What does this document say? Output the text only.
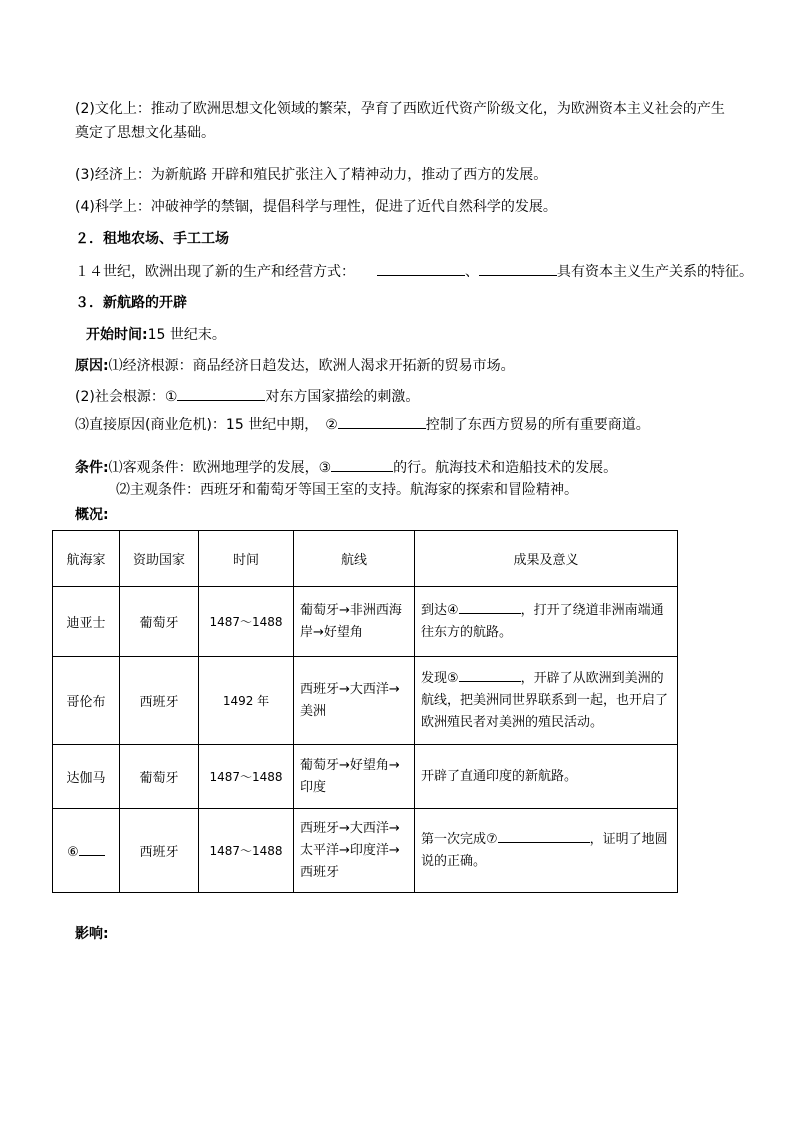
(2)文化上：推动了欧洲思想文化领域的繁荣，孕育了西欧近代资产阶级文化，为欧洲资本主义社会的产生奠定了思想文化基础。
(3)经济上：为新航路 开辟和殖民扩张注入了精神动力，推动了西方的发展。
(4)科学上：冲破神学的禁锢，提倡科学与理性，促进了近代自然科学的发展。
２．租地农场、手工工场
１４世纪，欧洲出现了新的生产和经营方式：	、	具有资本主义生产关系的特征。
３．新航路的开辟
开始时间:15 世纪末。
原因:⑴经济根源：商品经济日趋发达，欧洲人渴求开拓新的贸易市场。
(2)社会根源：①	对东方国家描绘的刺激。
⑶直接原因(商业危机)：15 世纪中期，　②	控制了东西方贸易的所有重要商道。
条件:⑴客观条件：欧洲地理学的发展，③	的行。航海技术和造船技术的发展。
⑵主观条件：西班牙和葡萄牙等国王室的支持。航海家的探索和冒险精神。
概况:
航海家	资助国家	时间	航线	成果及意义
迪亚士	葡萄牙	1487～1488	葡萄牙→非洲西海岸→好望角	到达④ ，打开了绕道非洲南端通往东方的航路。
哥伦布	西班牙	1492 年	西班牙→大西洋→美洲	发现⑤ ，开辟了从欧洲到美洲的航线，把美洲同世界联系到一起，也开启了欧洲殖民者对美洲的殖民活动。
达伽马	葡萄牙	1487～1488	葡萄牙→好望角→印度	开辟了直通印度的新航路。
⑥	西班牙	1487～1488	西班牙→大西洋→太平洋→印度洋→西班牙	第一次完成⑦ ，证明了地圆说的正确。
影响:
